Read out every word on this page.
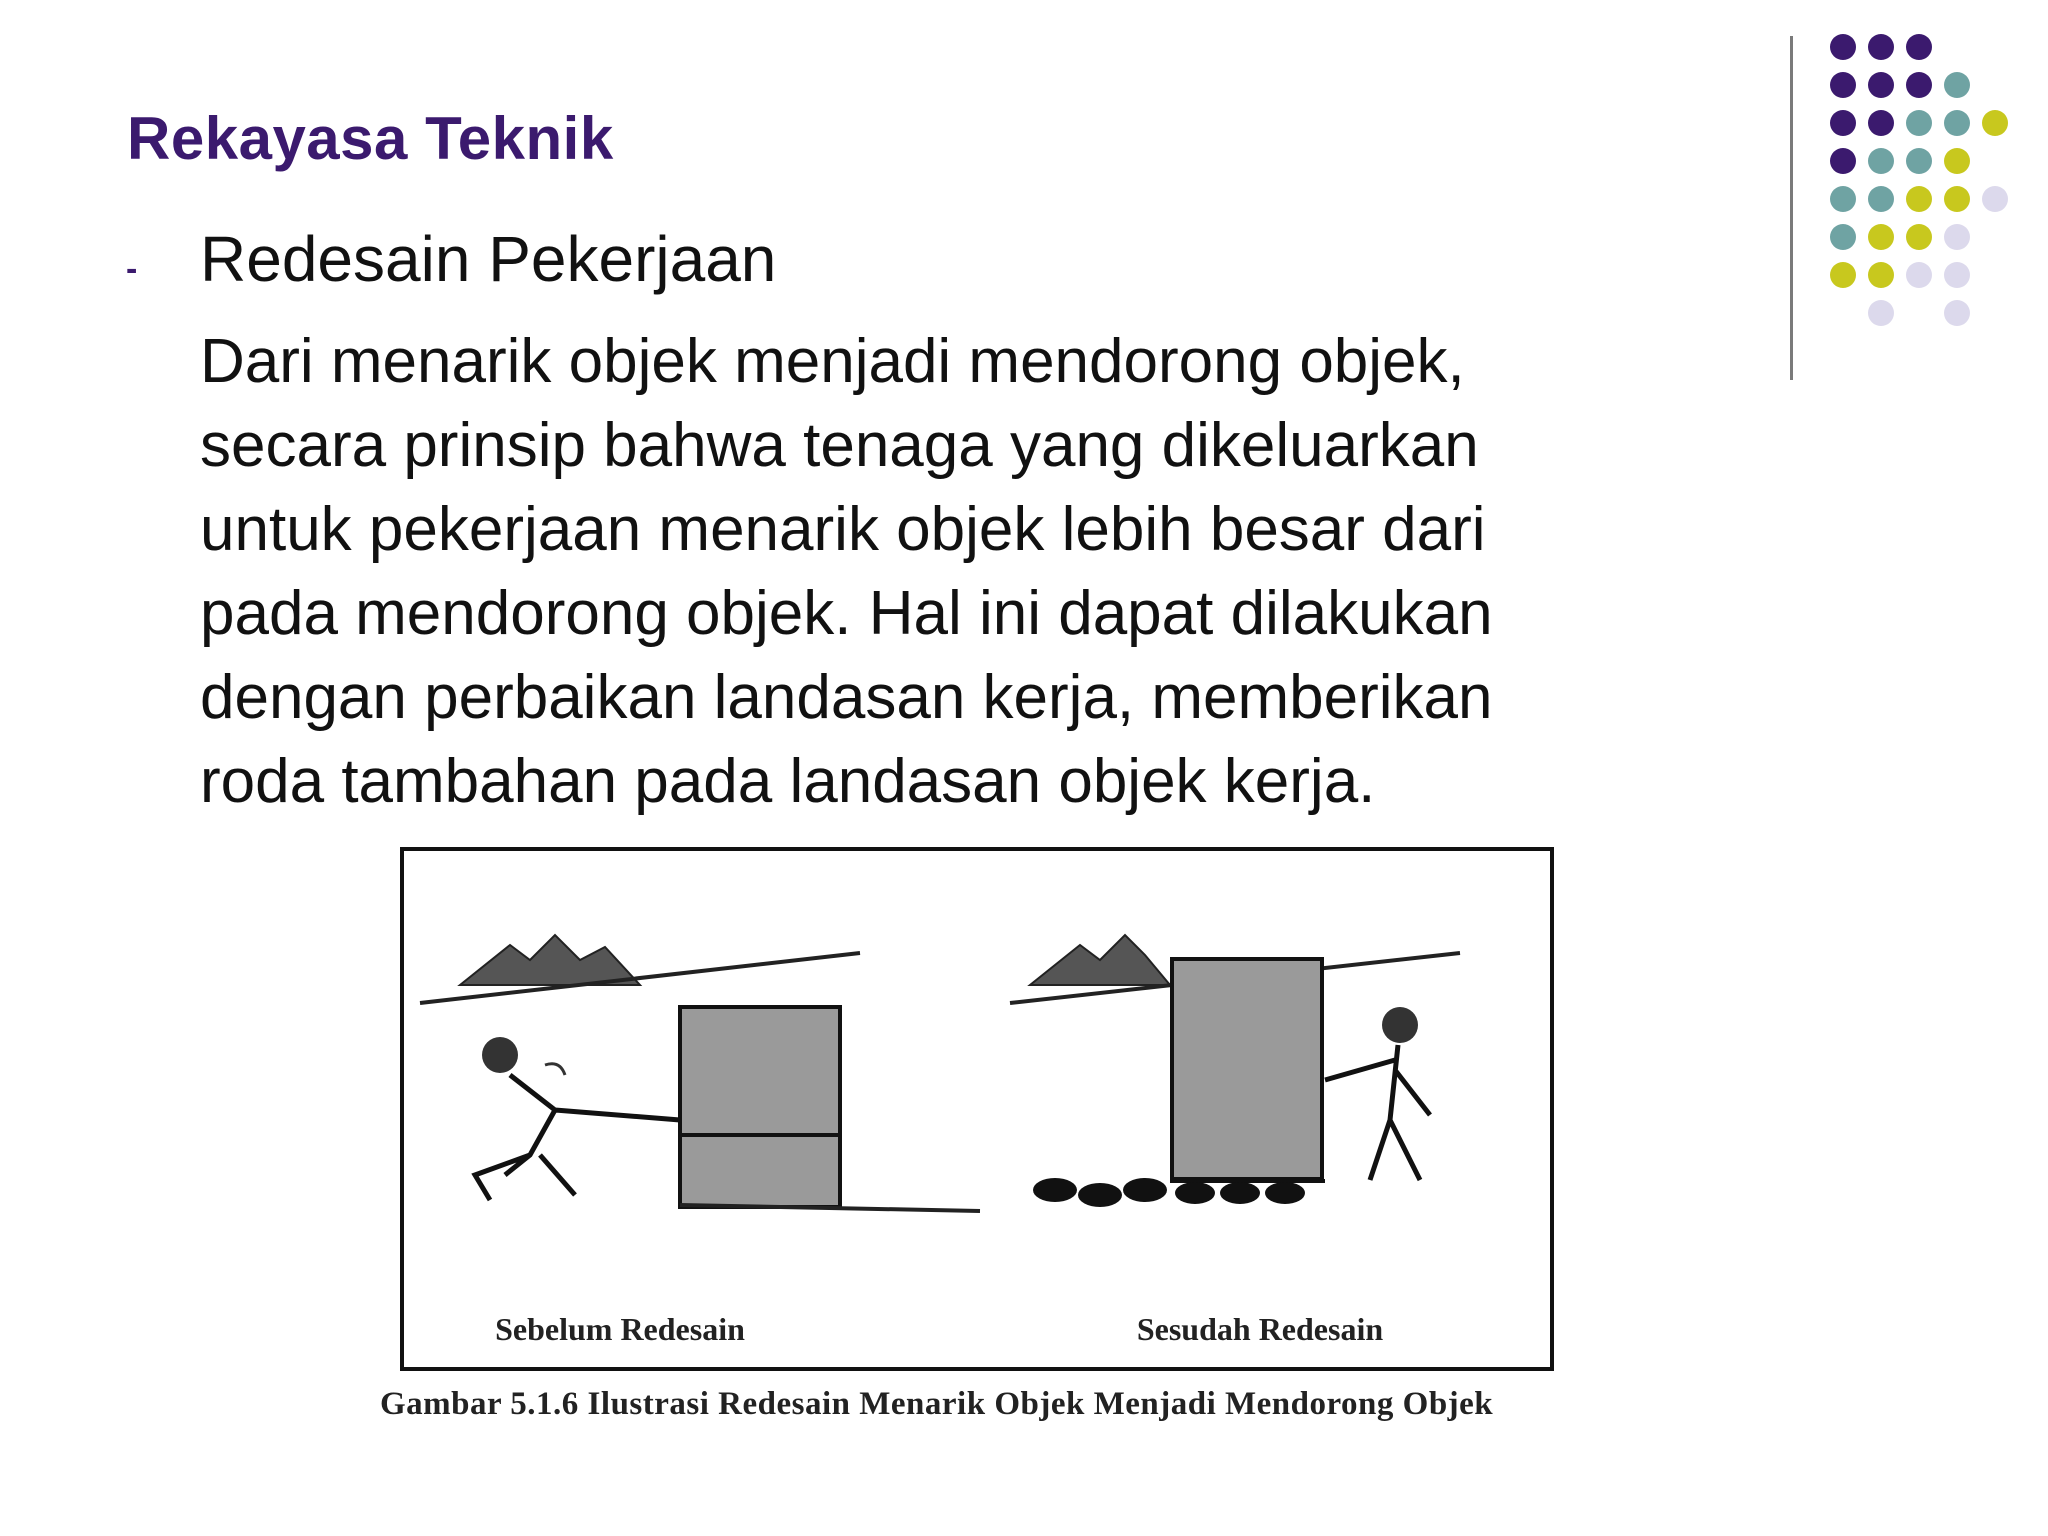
Rekayasa Teknik
- Redesain Pekerjaan
Dari menarik objek menjadi mendorong objek,
secara prinsip bahwa tenaga yang dikeluarkan
untuk pekerjaan menarik objek lebih besar dari
pada mendorong objek. Hal ini dapat dilakukan
dengan perbaikan landasan kerja, memberikan
roda tambahan pada landasan objek kerja.
Sebelum Redesain	Sesudah Redesain
Gambar 5.1.6 Ilustrasi Redesain Menarik Objek Menjadi Mendorong Objek
